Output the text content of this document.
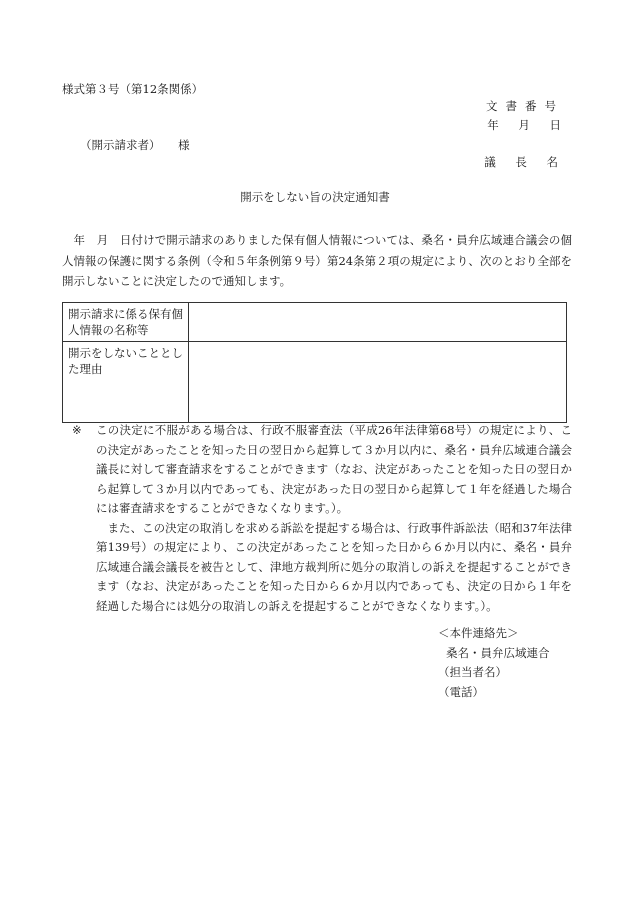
様式第３号（第12条関係）
文書番号
年 月 日
（開示請求者） 様
議 長 名
開示をしない旨の決定通知書
年　月　日付けで開示請求のありました保有個人情報については、桑名・員弁広域連合議会の個人情報の保護に関する条例（令和５年条例第９号）第24条第２項の規定により、次のとおり全部を開示しないことに決定したので通知します。
開示請求に係る保有個人情報の名称等	
開示をしないこととした理由	
※ この決定に不服がある場合は、行政不服審査法（平成26年法律第68号）の規定により、この決定があったことを知った日の翌日から起算して３か月以内に、桑名・員弁広域連合議会議長に対して審査請求をすることができます（なお、決定があったことを知った日の翌日から起算して３か月以内であっても、決定があった日の翌日から起算して１年を経過した場合には審査請求をすることができなくなります。）。
また、この決定の取消しを求める訴訟を提起する場合は、行政事件訴訟法（昭和37年法律第139号）の規定により、この決定があったことを知った日から６か月以内に、桑名・員弁広域連合議会議長を被告として、津地方裁判所に処分の取消しの訴えを提起することができます（なお、決定があったことを知った日から６か月以内であっても、決定の日から１年を経過した場合には処分の取消しの訴えを提起することができなくなります。）。
＜本件連絡先＞
桑名・員弁広域連合
（担当者名）
（電話）
